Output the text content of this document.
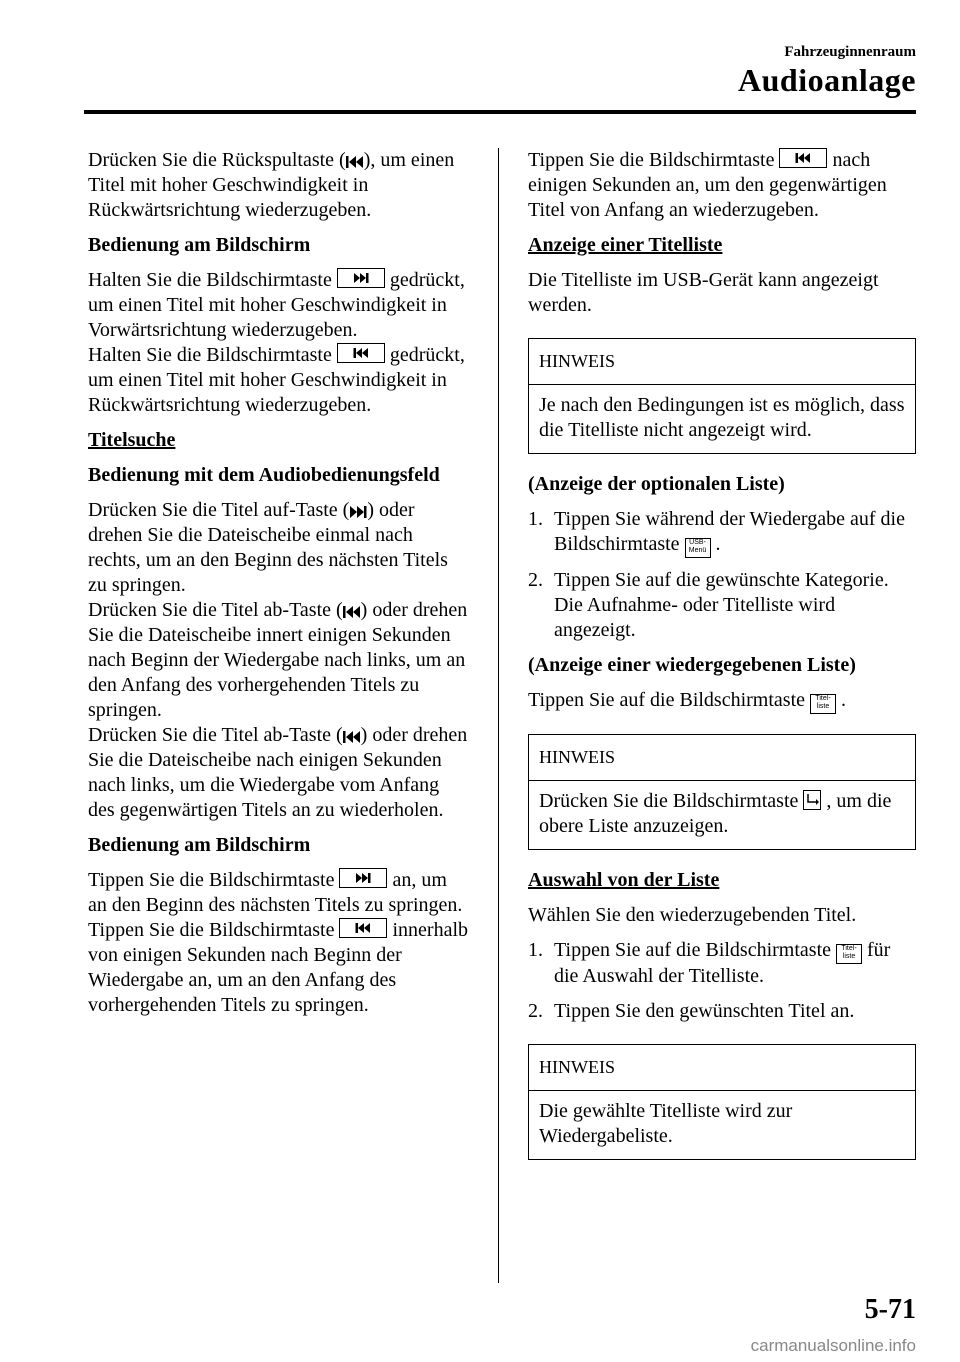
Fahrzeuginnenraum
Audioanlage

Drücken Sie die Rückspultaste ( ), um einen Titel mit hoher Geschwindigkeit in Rückwärtsrichtung wiederzugeben.

Bedienung am Bildschirm

Halten Sie die Bildschirmtaste	gedrückt, um einen Titel mit hoher Geschwindigkeit in Vorwärtsrichtung wiederzugeben.

Halten Sie die Bildschirmtaste	gedrückt, um einen Titel mit hoher Geschwindigkeit in Rückwärtsrichtung wiederzugeben.

Titelsuche

Bedienung mit dem Audiobedienungsfeld

Drücken Sie die Titel auf-Taste ( ) oder drehen Sie die Dateischeibe einmal nach rechts, um an den Beginn des nächsten Titels zu springen.

Drücken Sie die Titel ab-Taste ( ) oder drehen Sie die Dateischeibe innert einigen Sekunden nach Beginn der Wiedergabe nach links, um an den Anfang des vorhergehenden Titels zu springen.

Drücken Sie die Titel ab-Taste ( ) oder drehen Sie die Dateischeibe nach einigen Sekunden nach links, um die Wiedergabe vom Anfang des gegenwärtigen Titels an zu wiederholen.

Bedienung am Bildschirm

Tippen Sie die Bildschirmtaste	an, um an den Beginn des nächsten Titels zu springen.

Tippen Sie die Bildschirmtaste	innerhalb von einigen Sekunden nach Beginn der Wiedergabe an, um an den Anfang des vorhergehenden Titels zu springen.

Tippen Sie die Bildschirmtaste	nach einigen Sekunden an, um den gegenwärtigen Titel von Anfang an wiederzugeben.

Anzeige einer Titelliste

Die Titelliste im USB-Gerät kann angezeigt werden.

HINWEIS
Je nach den Bedingungen ist es möglich, dass die Titelliste nicht angezeigt wird.

(Anzeige der optionalen Liste)

1. Tippen Sie während der Wiedergabe auf die Bildschirmtaste USB-Menü .
2. Tippen Sie auf die gewünschte Kategorie. Die Aufnahme- oder Titelliste wird angezeigt.

(Anzeige einer wiedergegebenen Liste)

Tippen Sie auf die Bildschirmtaste Titel-liste .

HINWEIS
Drücken Sie die Bildschirmtaste , um die obere Liste anzuzeigen.

Auswahl von der Liste

Wählen Sie den wiederzugebenden Titel.

1. Tippen Sie auf die Bildschirmtaste Titel-liste für die Auswahl der Titelliste.
2. Tippen Sie den gewünschten Titel an.
HINWEIS
Die gewählte Titelliste wird zur Wiedergabeliste.
5-71
carmanualsonline.info
